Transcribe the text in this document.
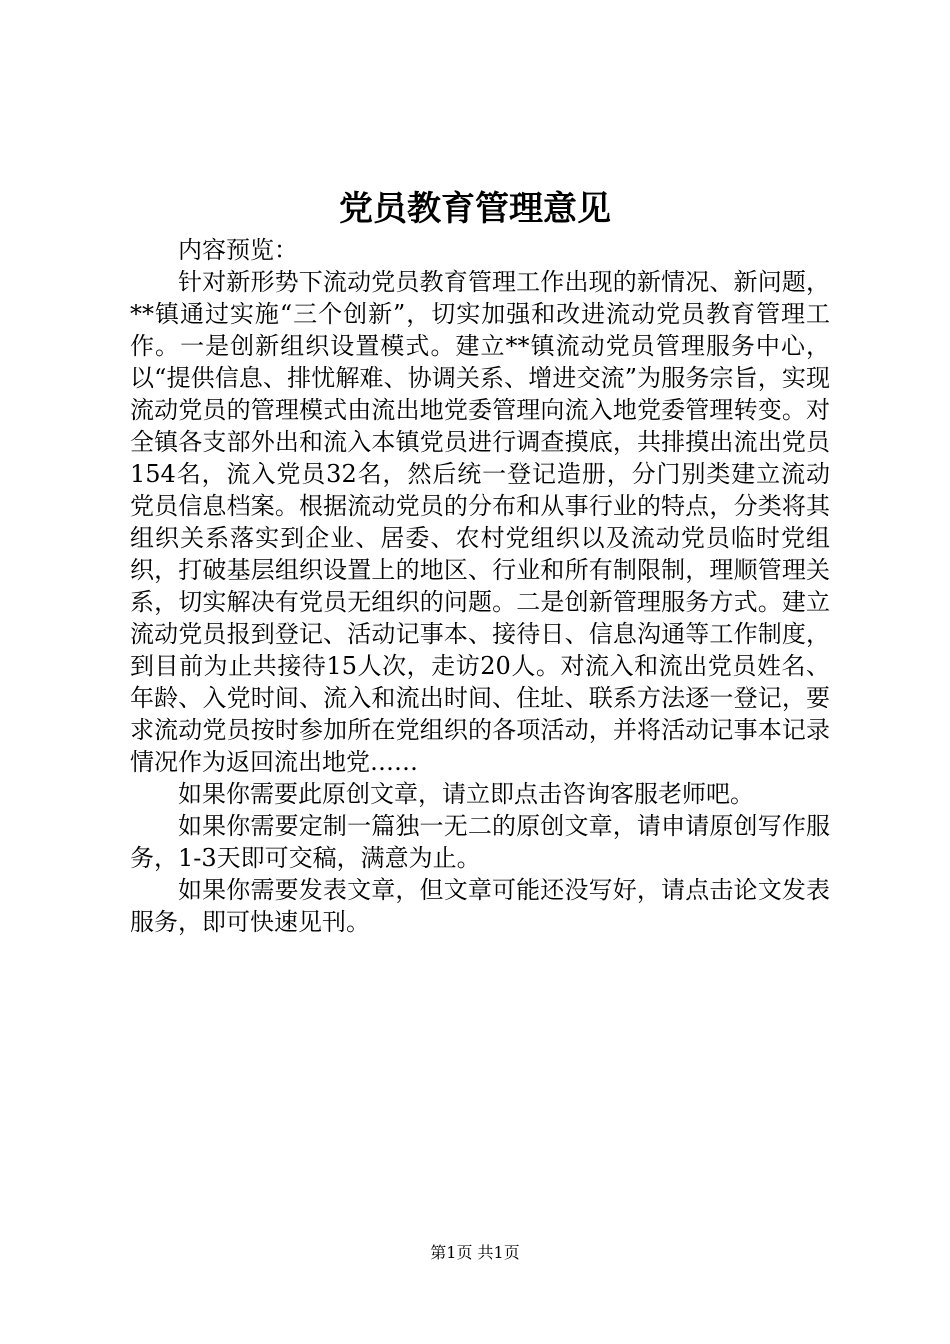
党员教育管理意见

内容预览：

针对新形势下流动党员教育管理工作出现的新情况、新问题，**镇通过实施“三个创新”，切实加强和改进流动党员教育管理工作。一是创新组织设置模式。建立**镇流动党员管理服务中心，以“提供信息、排忧解难、协调关系、增进交流”为服务宗旨，实现流动党员的管理模式由流出地党委管理向流入地党委管理转变。对全镇各支部外出和流入本镇党员进行调查摸底，共排摸出流出党员154名，流入党员32名，然后统一登记造册，分门别类建立流动党员信息档案。根据流动党员的分布和从事行业的特点，分类将其组织关系落实到企业、居委、农村党组织以及流动党员临时党组织，打破基层组织设置上的地区、行业和所有制限制，理顺管理关系，切实解决有党员无组织的问题。二是创新管理服务方式。建立流动党员报到登记、活动记事本、接待日、信息沟通等工作制度，到目前为止共接待15人次，走访20人。对流入和流出党员姓名、年龄、入党时间、流入和流出时间、住址、联系方法逐一登记，要求流动党员按时参加所在党组织的各项活动，并将活动记事本记录情况作为返回流出地党……

如果你需要此原创文章，请立即点击咨询客服老师吧。

如果你需要定制一篇独一无二的原创文章，请申请原创写作服务，1-3天即可交稿，满意为止。

如果你需要发表文章，但文章可能还没写好，请点击论文发表服务，即可快速见刊。

第1页 共1页
